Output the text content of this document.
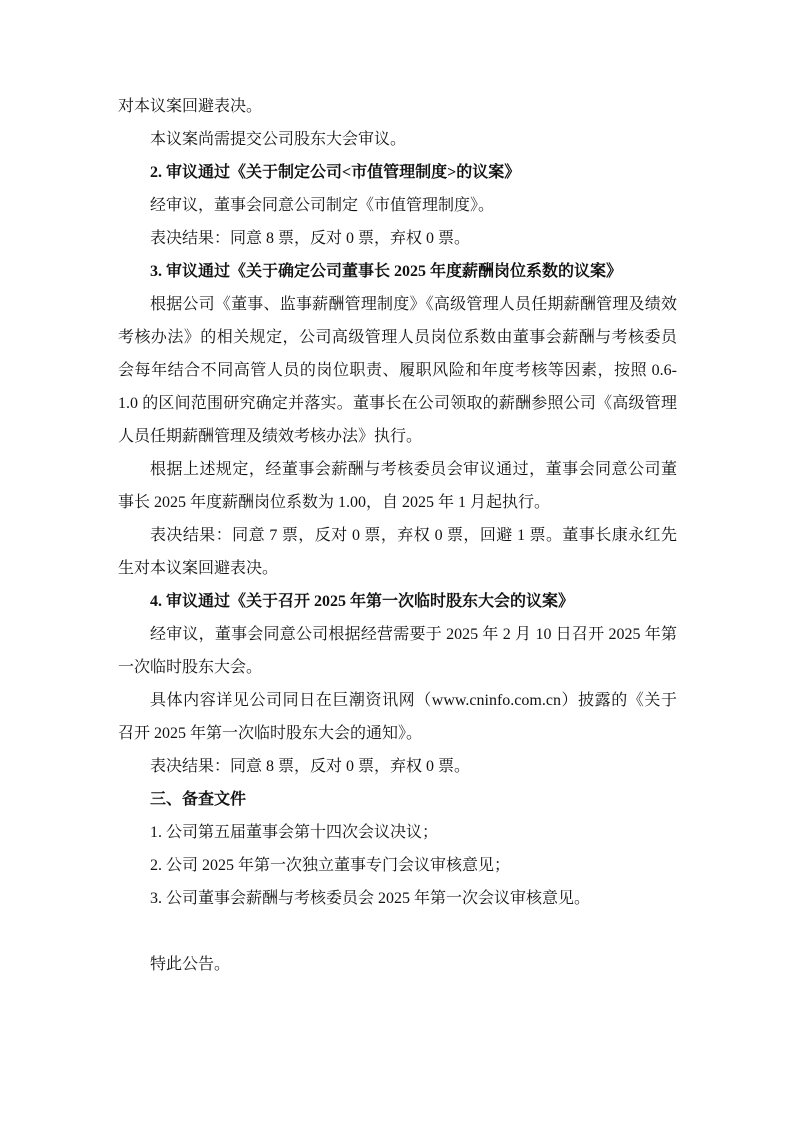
对本议案回避表决。
本议案尚需提交公司股东大会审议。
2. 审议通过《关于制定公司<市值管理制度>的议案》
经审议，董事会同意公司制定《市值管理制度》。
表决结果：同意 8 票，反对 0 票，弃权 0 票。
3. 审议通过《关于确定公司董事长 2025 年度薪酬岗位系数的议案》
根据公司《董事、监事薪酬管理制度》《高级管理人员任期薪酬管理及绩效考核办法》的相关规定，公司高级管理人员岗位系数由董事会薪酬与考核委员会每年结合不同高管人员的岗位职责、履职风险和年度考核等因素，按照 0.6-1.0 的区间范围研究确定并落实。董事长在公司领取的薪酬参照公司《高级管理人员任期薪酬管理及绩效考核办法》执行。
根据上述规定，经董事会薪酬与考核委员会审议通过，董事会同意公司董事长 2025 年度薪酬岗位系数为 1.00，自 2025 年 1 月起执行。
表决结果：同意 7 票，反对 0 票，弃权 0 票，回避 1 票。董事长康永红先生对本议案回避表决。
4. 审议通过《关于召开 2025 年第一次临时股东大会的议案》
经审议，董事会同意公司根据经营需要于 2025 年 2 月 10 日召开 2025 年第一次临时股东大会。
具体内容详见公司同日在巨潮资讯网（www.cninfo.com.cn）披露的《关于召开 2025 年第一次临时股东大会的通知》。
表决结果：同意 8 票，反对 0 票，弃权 0 票。
三、备查文件
1. 公司第五届董事会第十四次会议决议；
2. 公司 2025 年第一次独立董事专门会议审核意见；
3. 公司董事会薪酬与考核委员会 2025 年第一次会议审核意见。
特此公告。
